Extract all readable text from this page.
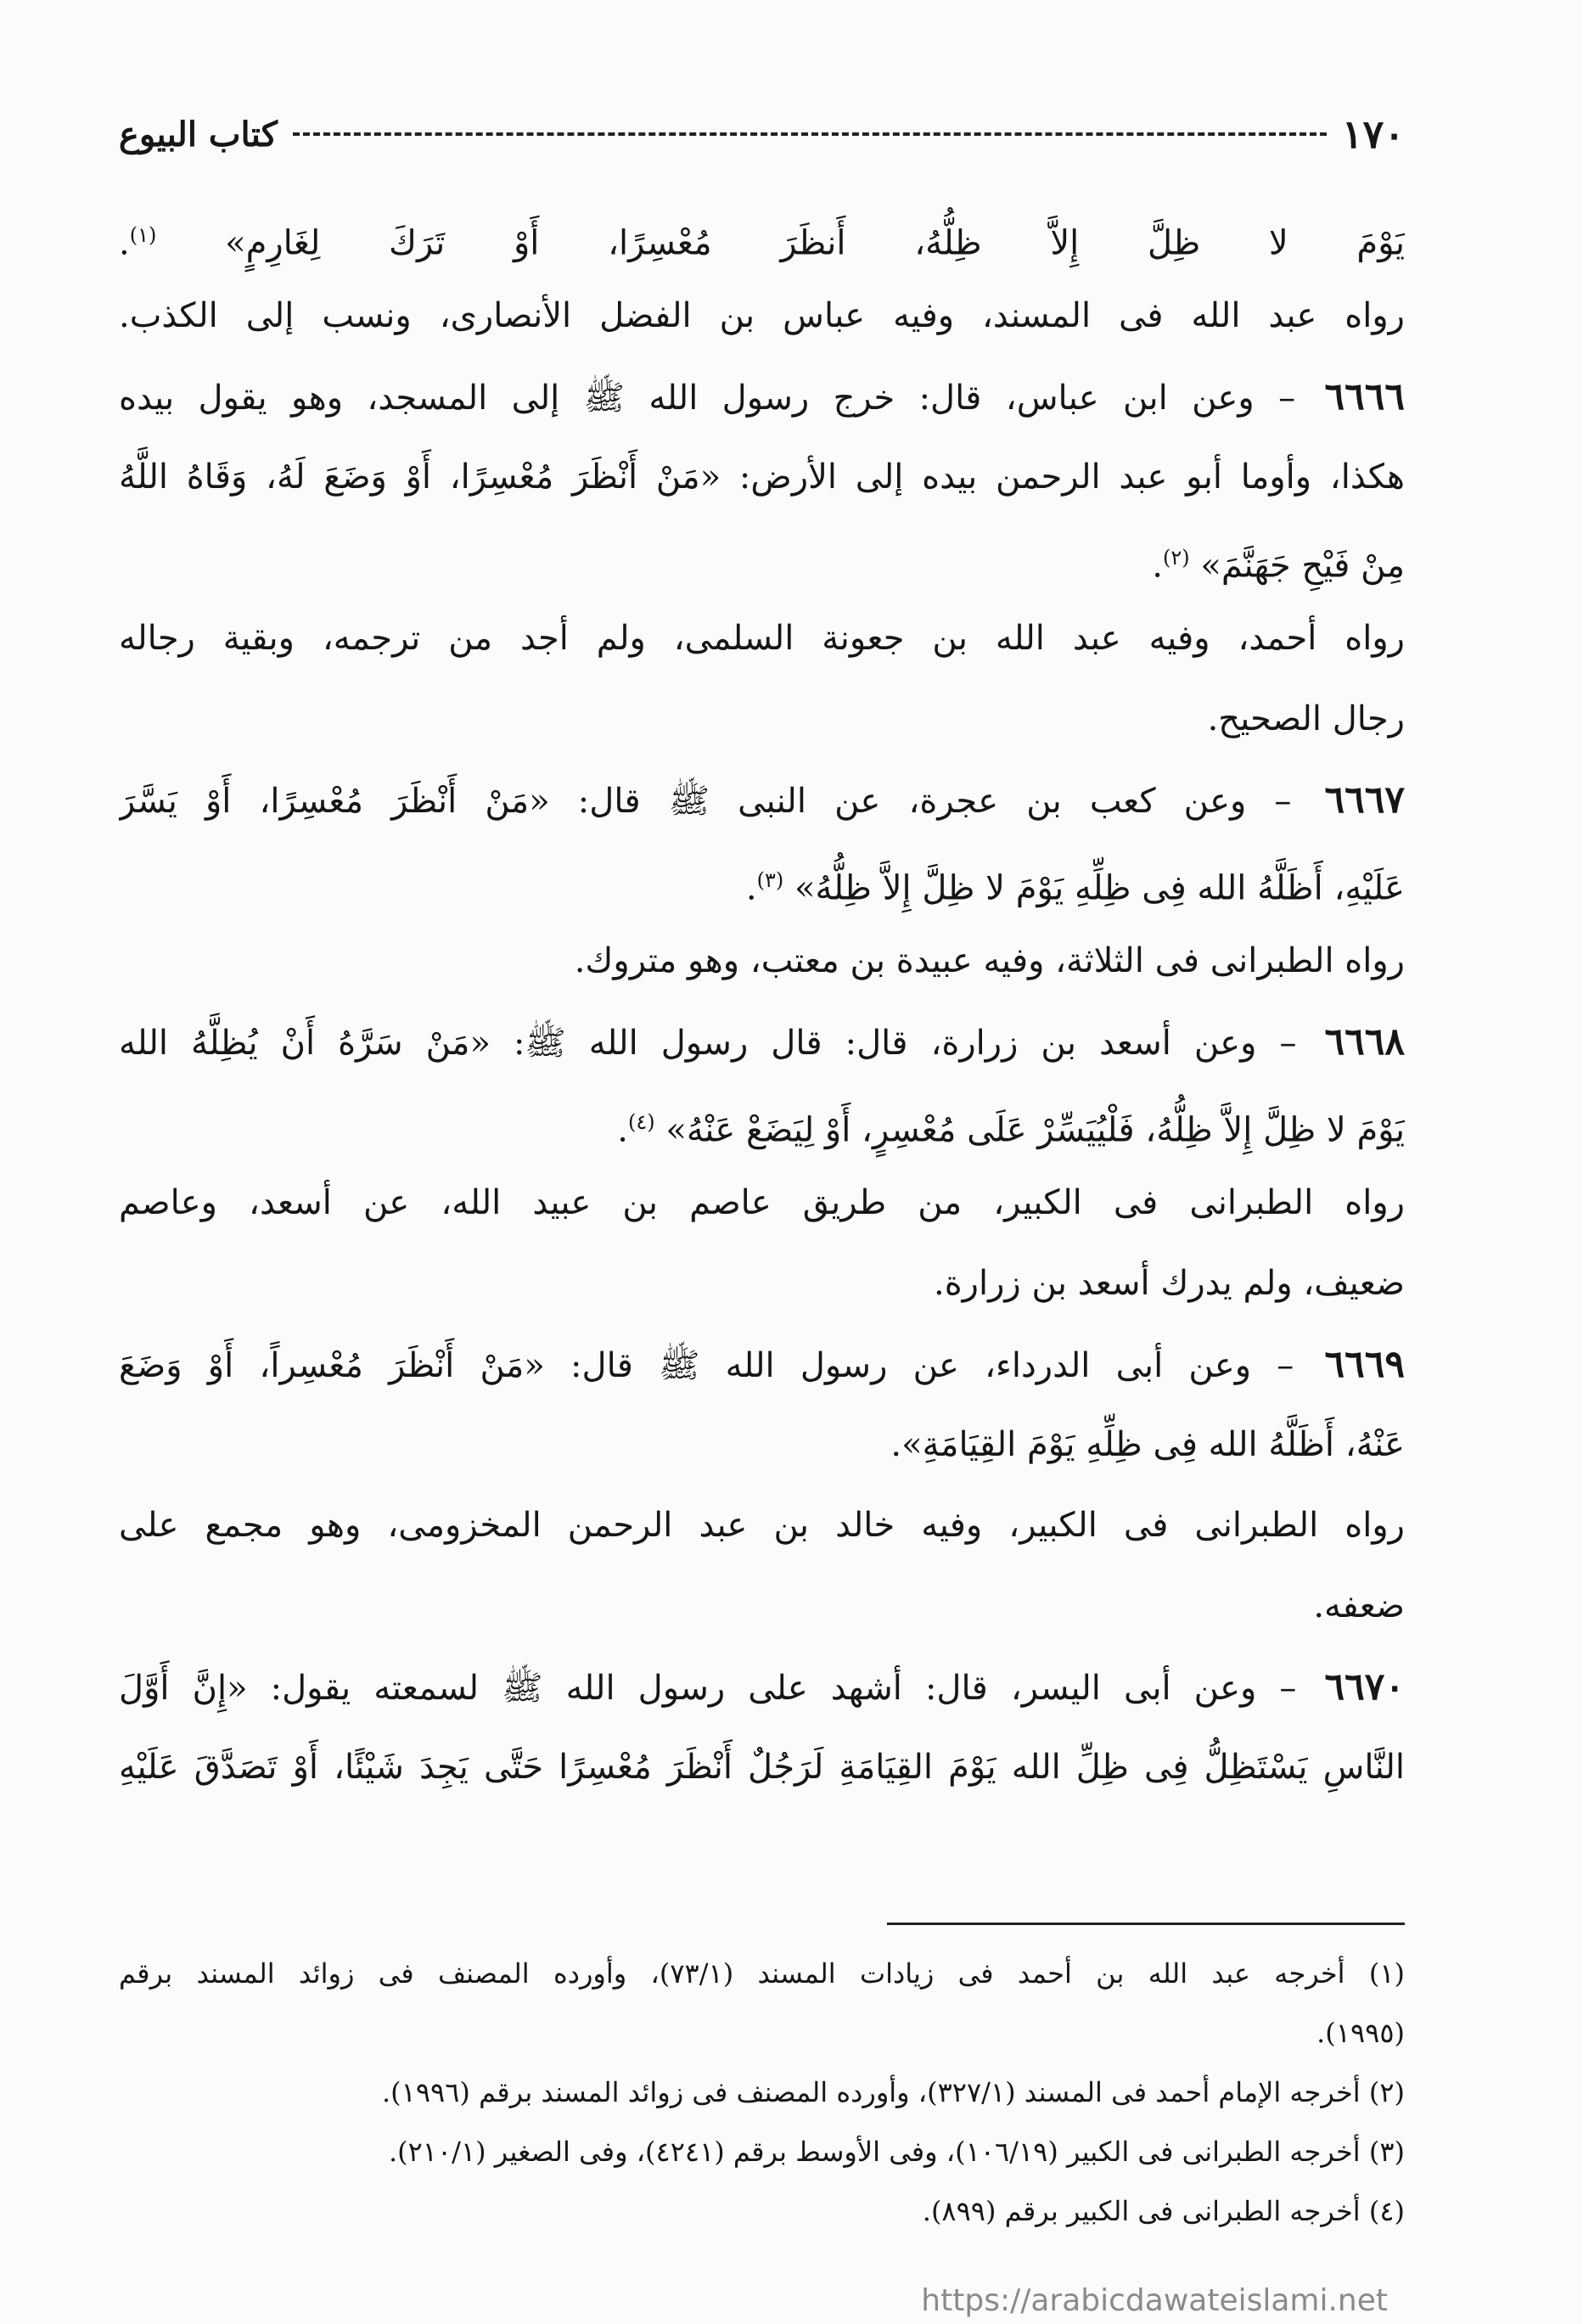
١٧٠
كتاب البيوع
يَوْمَ لا ظِلَّ إِلاَّ ظِلُّهُ، أَنظَرَ مُعْسِرًا، أَوْ تَرَكَ لِغَارِمٍ» $^{(١)}$.
رواه عبد الله فى المسند، وفيه عباس بن الفضل الأنصارى، ونسب إلى الكذب.
٦٦٦٦ – وعن ابن عباس، قال: خرج رسول الله ﷺ إلى المسجد، وهو يقول بيده
هكذا، وأوما أبو عبد الرحمن بيده إلى الأرض: «مَنْ أَنْظَرَ مُعْسِرًا، أَوْ وَضَعَ لَهُ، وَقَاهُ اللَّهُ
مِنْ فَيْحِ جَهَنَّمَ» $^{(٢)}$.
رواه أحمد، وفيه عبد الله بن جعونة السلمى، ولم أجد من ترجمه، وبقية رجاله
رجال الصحيح.
٦٦٦٧ – وعن كعب بن عجرة، عن النبى ﷺ قال: «مَنْ أَنْظَرَ مُعْسِرًا، أَوْ يَسَّرَ
عَلَيْهِ، أَظَلَّهُ الله فِى ظِلِّهِ يَوْمَ لا ظِلَّ إِلاَّ ظِلُّهُ» $^{(٣)}$.
رواه الطبرانى فى الثلاثة، وفيه عبيدة بن معتب، وهو متروك.
٦٦٦٨ – وعن أسعد بن زرارة، قال: قال رسول الله ﷺ: «مَنْ سَرَّهُ أَنْ يُظِلَّهُ الله
يَوْمَ لا ظِلَّ إِلاَّ ظِلُّهُ، فَلْيُيَسِّرْ عَلَى مُعْسِرٍ، أَوْ لِيَضَعْ عَنْهُ» $^{(٤)}$.
رواه الطبرانى فى الكبير، من طريق عاصم بن عبيد الله، عن أسعد، وعاصم
ضعيف، ولم يدرك أسعد بن زرارة.
٦٦٦٩ – وعن أبى الدرداء، عن رسول الله ﷺ قال: «مَنْ أَنْظَرَ مُعْسِراً، أَوْ وَضَعَ
عَنْهُ، أَظَلَّهُ الله فِى ظِلِّهِ يَوْمَ القِيَامَةِ».
رواه الطبرانى فى الكبير، وفيه خالد بن عبد الرحمن المخزومى، وهو مجمع على
ضعفه.
٦٦٧٠ – وعن أبى اليسر، قال: أشهد على رسول الله ﷺ لسمعته يقول: «إِنَّ أَوَّلَ
النَّاسِ يَسْتَظِلُّ فِى ظِلِّ الله يَوْمَ القِيَامَةِ لَرَجُلٌ أَنْظَرَ مُعْسِرًا حَتَّى يَجِدَ شَيْئًا، أَوْ تَصَدَّقَ عَلَيْهِ
(١) أخرجه عبد الله بن أحمد فى زيادات المسند (٧٣/١)، وأورده المصنف فى زوائد المسند برقم
(١٩٩٥).
(٢) أخرجه الإمام أحمد فى المسند (٣٢٧/١)، وأورده المصنف فى زوائد المسند برقم (١٩٩٦).
(٣) أخرجه الطبرانى فى الكبير (١٠٦/١٩)، وفى الأوسط برقم (٤٢٤١)، وفى الصغير (٢١٠/١).
(٤) أخرجه الطبرانى فى الكبير برقم (٨٩٩).
https://arabicdawateislami.net
